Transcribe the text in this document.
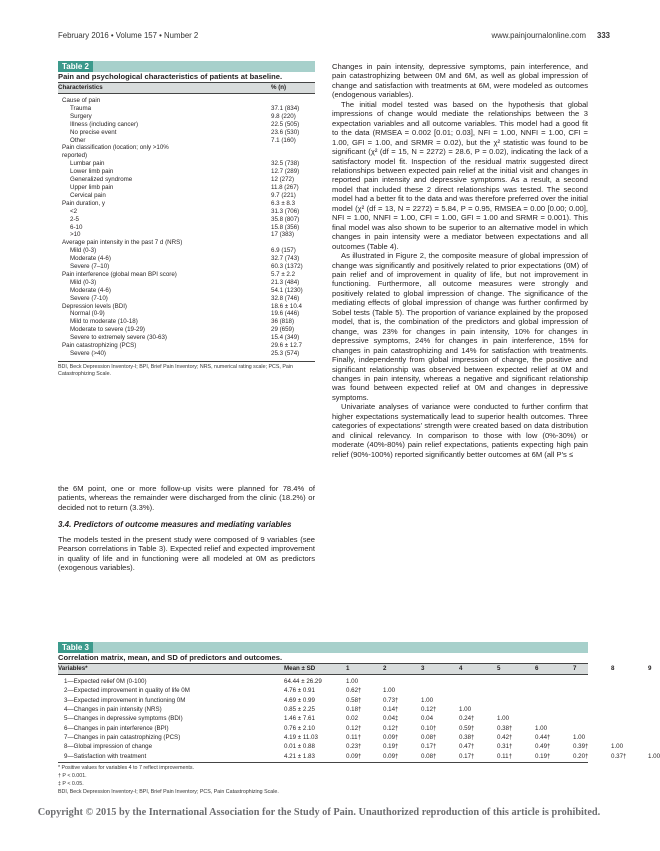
February 2016 • Volume 157 • Number 2	www.painjournalonline.com 333
Table 2
Pain and psychological characteristics of patients at baseline.
Characteristics	% (n)
Cause of pain
Trauma	37.1 (834)
Surgery	9.8 (220)
Illness (including cancer)	22.5 (505)
No precise event	23.6 (530)
Other	7.1 (160)
Pain classification (location; only >10%
reported)
Lumbar pain	32.5 (738)
Lower limb pain	12.7 (289)
Generalized syndrome	12 (272)
Upper limb pain	11.8 (267)
Cervical pain	9.7 (221)
Pain duration, y	6.3 ± 8.3
<2	31.3 (706)
2-5	35.8 (807)
6-10	15.8 (356)
>10	17 (383)
Average pain intensity in the past 7 d (NRS)
Mild (0-3)	6.9 (157)
Moderate (4-6)	32.7 (743)
Severe (7–10)	60.3 (1372)
Pain interference (global mean BPI score)	5.7 ± 2.2
Mild (0-3)	21.3 (484)
Moderate (4-6)	54.1 (1230)
Severe (7-10)	32.8 (746)
Depression levels (BDI)	18.6 ± 10.4
Normal (0-9)	19.6 (446)
Mild to moderate (10-18)	36 (818)
Moderate to severe (19-29)	29 (659)
Severe to extremely severe (30-63)	15.4 (349)
Pain catastrophizing (PCS)	29.6 ± 12.7
Severe (>40)	25.3 (574)
BDI, Beck Depression Inventory-I; BPI, Brief Pain Inventory; NRS, numerical rating scale; PCS, Pain Catastrophizing Scale.

the 6M point, one or more follow-up visits were planned for 78.4% of patients, whereas the remainder were discharged from the clinic (18.2%) or decided not to return (3.3%).

3.4. Predictors of outcome measures and mediating variables

The models tested in the present study were composed of 9 variables (see Pearson correlations in Table 3). Expected relief and expected improvement in quality of life and in functioning were all modeled at 0M as predictors (exogenous variables).

Changes in pain intensity, depressive symptoms, pain interference, and pain catastrophizing between 0M and 6M, as well as global impression of change and satisfaction with treatments at 6M, were modeled as outcomes (endogenous variables).

The initial model tested was based on the hypothesis that global impressions of change would mediate the relationships between the 3 expectation variables and all outcome variables. This model had a good fit to the data (RMSEA = 0.002 [0.01; 0.03], NFI = 1.00, NNFI = 1.00, CFI = 1.00, GFI = 1.00, and SRMR = 0.02), but the χ² statistic was found to be significant (χ² (df = 15, N = 2272) = 28.6, P = 0.02), indicating the lack of a satisfactory model fit. Inspection of the residual matrix suggested direct relationships between expected pain relief at the initial visit and changes in reported pain intensity and depressive symptoms. As a result, a second model that included these 2 direct relationships was tested. The second model had a better fit to the data and was therefore preferred over the initial model (χ² (df = 13, N = 2272) = 5.84, P = 0.95, RMSEA = 0.00 [0.00; 0.00], NFI = 1.00, NNFI = 1.00, CFI = 1.00, GFI = 1.00 and SRMR = 0.001). This final model was also shown to be superior to an alternative model in which changes in pain intensity were a mediator between expectations and all outcomes (Table 4).

As illustrated in Figure 2, the composite measure of global impression of change was significantly and positively related to prior expectations (0M) of pain relief and of improvement in quality of life, but not improvement in functioning. Furthermore, all outcome measures were strongly and positively related to global impression of change. The significance of the mediating effects of global impression of change was further confirmed by Sobel tests (Table 5). The proportion of variance explained by the proposed model, that is, the combination of the predictors and global impression of change, was 23% for changes in pain intensity, 10% for changes in depressive symptoms, 24% for changes in pain interference, 15% for changes in pain catastrophizing and 14% for satisfaction with treatments. Finally, independently from global impression of change, the positive and significant relationship was observed between expected relief at 0M and changes in pain intensity, whereas a negative and significant relationship was found between expected relief at 0M and changes in depressive symptoms.

Univariate analyses of variance were conducted to further confirm that higher expectations systematically lead to superior health outcomes. Three categories of expectations' strength were created based on data distribution and clinical relevancy. In comparison to those with low (0%-30%) or moderate (40%-80%) pain relief expectations, patients expecting high pain relief (90%-100%) reported significantly better outcomes at 6M (all P's ≤

Table 3
Correlation matrix, mean, and SD of predictors and outcomes.
Variables*	Mean ± SD	1	2	3	4	5	6	7	8	9
1—Expected relief 0M (0-100)	64.44 ± 26.29	1.00
2—Expected improvement in quality of life 0M	4.76 ± 0.91	0.62†	1.00
3—Expected improvement in functioning 0M	4.69 ± 0.99	0.58†	0.73†	1.00
4—Changes in pain intensity (NRS)	0.85 ± 2.25	0.18†	0.14†	0.12†	1.00
5—Changes in depressive symptoms (BDI)	1.46 ± 7.61	0.02	0.04‡	0.04	0.24†	1.00
6—Changes in pain interference (BPI)	0.76 ± 2.10	0.12†	0.12†	0.10†	0.59†	0.38†	1.00
7—Changes in pain catastrophizing (PCS)	4.19 ± 11.03	0.11†	0.09†	0.08†	0.38†	0.42†	0.44†	1.00
8—Global impression of change	0.01 ± 0.88	0.23†	0.19†	0.17†	0.47†	0.31†	0.49†	0.39†	1.00
9—Satisfaction with treatment	4.21 ± 1.83	0.09†	0.09†	0.08†	0.17†	0.11†	0.19†	0.20†	0.37†	1.00
* Positive values for variables 4 to 7 reflect improvements.
† P < 0.001.
‡ P < 0.05.
BDI, Beck Depression Inventory-I; BPI, Brief Pain Inventory; PCS, Pain Catastrophizing Scale.
Copyright © 2015 by the International Association for the Study of Pain. Unauthorized reproduction of this article is prohibited.
